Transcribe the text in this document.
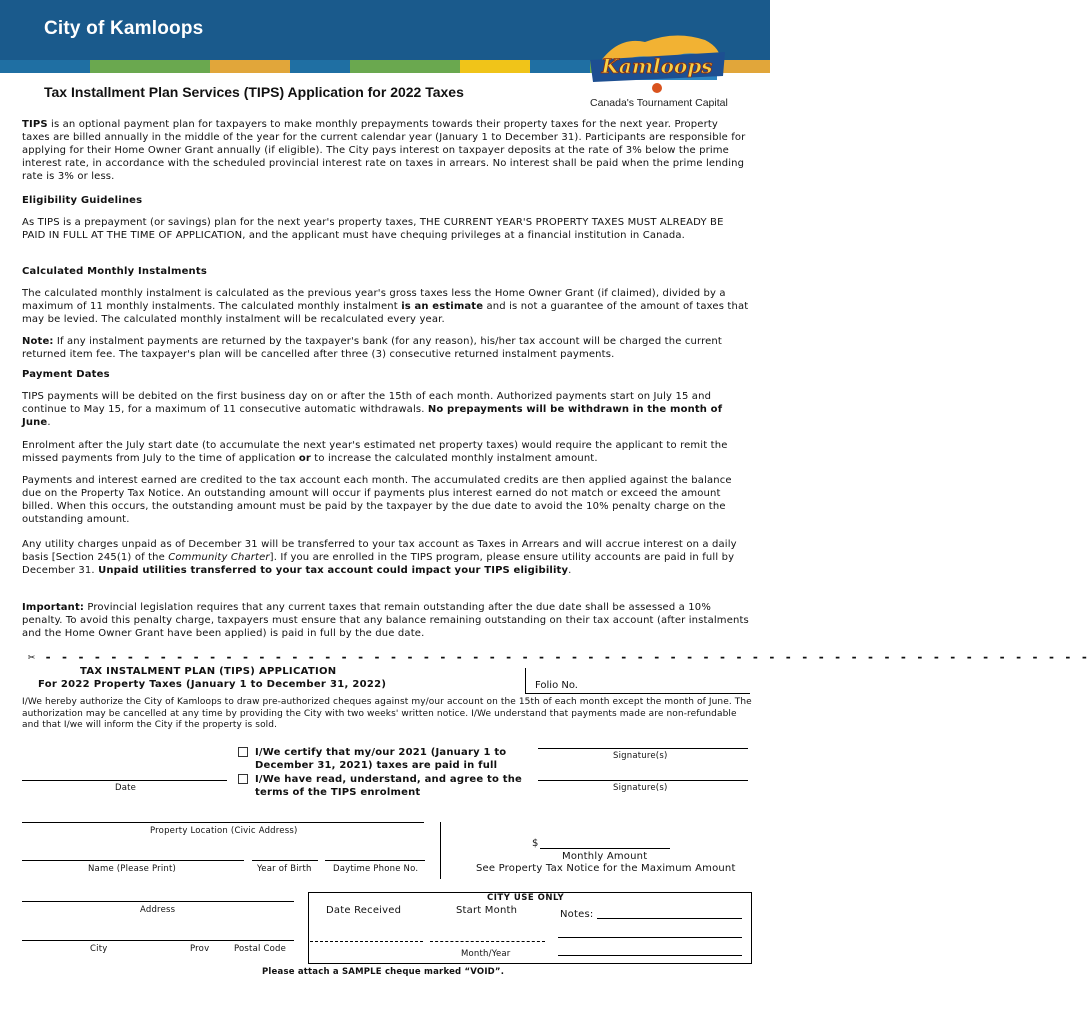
City of Kamloops
Kamloops
Canada's Tournament Capital
Tax Installment Plan Services (TIPS) Application for 2022 Taxes

TIPS is an optional payment plan for taxpayers to make monthly prepayments towards their property taxes for the next year. Property taxes are billed annually in the middle of the year for the current calendar year (January 1 to December 31). Participants are responsible for applying for their Home Owner Grant annually (if eligible). The City pays interest on taxpayer deposits at the rate of 3% below the prime interest rate, in accordance with the scheduled provincial interest rate on taxes in arrears. No interest shall be paid when the prime lending rate is 3% or less.

Eligibility Guidelines

As TIPS is a prepayment (or savings) plan for the next year's property taxes, THE CURRENT YEAR'S PROPERTY TAXES MUST ALREADY BE PAID IN FULL AT THE TIME OF APPLICATION, and the applicant must have chequing privileges at a financial institution in Canada.

Calculated Monthly Instalments

The calculated monthly instalment is calculated as the previous year's gross taxes less the Home Owner Grant (if claimed), divided by a maximum of 11 monthly instalments. The calculated monthly instalment is an estimate and is not a guarantee of the amount of taxes that may be levied. The calculated monthly instalment will be recalculated every year.

Note: If any instalment payments are returned by the taxpayer's bank (for any reason), his/her tax account will be charged the current returned item fee. The taxpayer's plan will be cancelled after three (3) consecutive returned instalment payments.

Payment Dates

TIPS payments will be debited on the first business day on or after the 15th of each month. Authorized payments start on July 15 and continue to May 15, for a maximum of 11 consecutive automatic withdrawals. No prepayments will be withdrawn in the month of June.

Enrolment after the July start date (to accumulate the next year's estimated net property taxes) would require the applicant to remit the missed payments from July to the time of application or to increase the calculated monthly instalment amount.

Payments and interest earned are credited to the tax account each month. The accumulated credits are then applied against the balance due on the Property Tax Notice. An outstanding amount will occur if payments plus interest earned do not match or exceed the amount billed. When this occurs, the outstanding amount must be paid by the taxpayer by the due date to avoid the 10% penalty charge on the outstanding amount.

Any utility charges unpaid as of December 31 will be transferred to your tax account as Taxes in Arrears and will accrue interest on a daily basis [Section 245(1) of the Community Charter]. If you are enrolled in the TIPS program, please ensure utility accounts are paid in full by December 31. Unpaid utilities transferred to your tax account could impact your TIPS eligibility.

Important: Provincial legislation requires that any current taxes that remain outstanding after the due date shall be assessed a 10% penalty. To avoid this penalty charge, taxpayers must ensure that any balance remaining outstanding on their tax account (after instalments and the Home Owner Grant have been applied) is paid in full by the due date.

✂ - - - - - - - - - - - - - - - - - - - - - - - - - - - - - - - - - - - - - - - - - - - - - - - - - - - - - - - - - - - - - - - -
TAX INSTALMENT PLAN (TIPS) APPLICATION
For 2022 Property Taxes (January 1 to December 31, 2022)	Folio No.
I/We hereby authorize the City of Kamloops to draw pre-authorized cheques against my/our account on the 15th of each month except the month of June. The authorization may be cancelled at any time by providing the City with two weeks' written notice. I/We understand that payments made are non-refundable and that I/we will inform the City if the property is sold.
I/We certify that my/our 2021 (January 1 to December 31, 2021) taxes are paid in full
I/We have read, understand, and agree to the terms of the TIPS enrolment
Signature(s)
Date	Signature(s)
Property Location (Civic Address)
$
Monthly Amount
See Property Tax Notice for the Maximum Amount
Name (Please Print)	Year of Birth	Daytime Phone No.
Address
CITY USE ONLY
Date Received	Start Month	Notes:
Month/Year
City	Prov	Postal Code
Please attach a SAMPLE cheque marked “VOID”.
